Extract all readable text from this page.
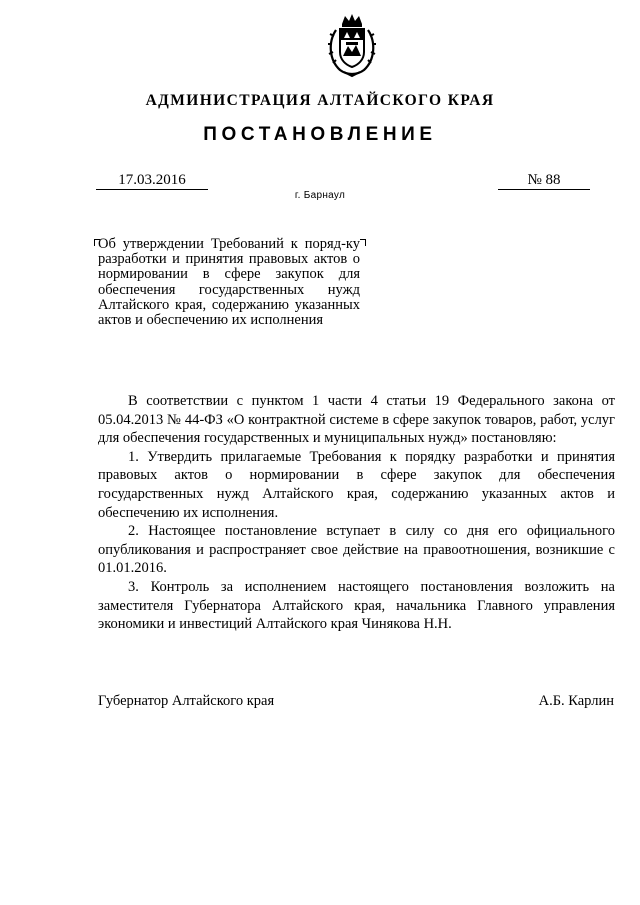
АДМИНИСТРАЦИЯ АЛТАЙСКОГО КРАЯ
ПОСТАНОВЛЕНИЕ
17.03.2016	№ 88
г. Барнаул
Об утверждении Требований к поряд-ку разработки и принятия правовых актов о нормировании в сфере закупок для обеспечения государственных нужд Алтайского края, содержанию указанных актов и обеспечению их исполнения

В соответствии с пунктом 1 части 4 статьи 19 Федерального закона от 05.04.2013 № 44-ФЗ «О контрактной системе в сфере закупок товаров, работ, услуг для обеспечения государственных и муниципальных нужд» постановляю:

1. Утвердить прилагаемые Требования к порядку разработки и принятия правовых актов о нормировании в сфере закупок для обеспечения государственных нужд Алтайского края, содержанию указанных актов и обеспечению их исполнения.

2. Настоящее постановление вступает в силу со дня его официального опубликования и распространяет свое действие на правоотношения, возникшие с 01.01.2016.

3. Контроль за исполнением настоящего постановления возложить на заместителя Губернатора Алтайского края, начальника Главного управления экономики и инвестиций Алтайского края Чинякова Н.Н.

Губернатор Алтайского края	А.Б. Карлин
